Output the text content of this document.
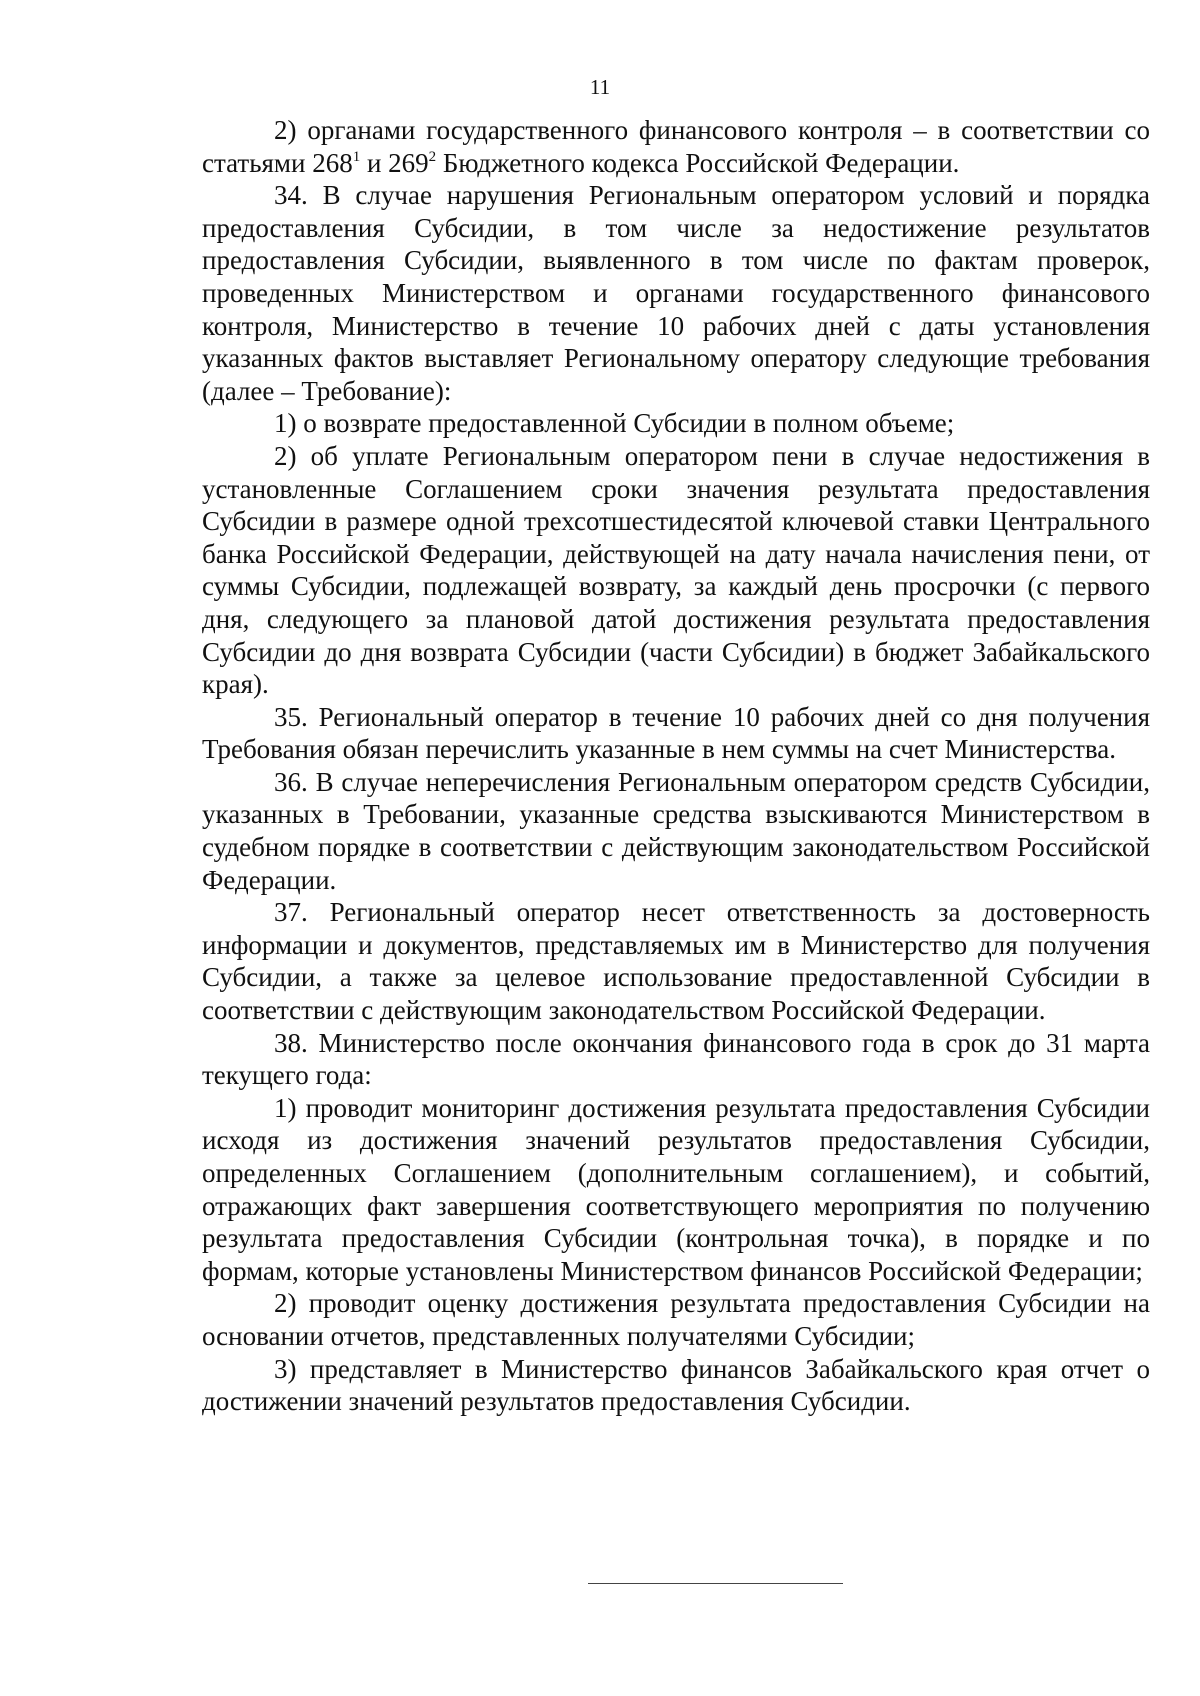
11

2) органами государственного финансового контроля – в соответствии со статьями $268^1$ и $269^2$ Бюджетного кодекса Российской Федерации.

34. В случае нарушения Региональным оператором условий и порядка предоставления Субсидии, в том числе за недостижение результатов предоставления Субсидии, выявленного в том числе по фактам проверок, проведенных Министерством и органами государственного финансового контроля, Министерство в течение 10 рабочих дней с даты установления указанных фактов выставляет Региональному оператору следующие требования (далее – Требование):

1) о возврате предоставленной Субсидии в полном объеме;

2) об уплате Региональным оператором пени в случае недостижения в установленные Соглашением сроки значения результата предоставления Субсидии в размере одной трехсотшестидесятой ключевой ставки Центрального банка Российской Федерации, действующей на дату начала начисления пени, от суммы Субсидии, подлежащей возврату, за каждый день просрочки (с первого дня, следующего за плановой датой достижения результата предоставления Субсидии до дня возврата Субсидии (части Субсидии) в бюджет Забайкальского края).

35. Региональный оператор в течение 10 рабочих дней со дня получения Требования обязан перечислить указанные в нем суммы на счет Министерства.

36. В случае неперечисления Региональным оператором средств Субсидии, указанных в Требовании, указанные средства взыскиваются Министерством в судебном порядке в соответствии с действующим законодательством Российской Федерации.

37. Региональный оператор несет ответственность за достоверность информации и документов, представляемых им в Министерство для получения Субсидии, а также за целевое использование предоставленной Субсидии в соответствии с действующим законодательством Российской Федерации.

38. Министерство после окончания финансового года в срок до 31 марта текущего года:

1) проводит мониторинг достижения результата предоставления Субсидии исходя из достижения значений результатов предоставления Субсидии, определенных Соглашением (дополнительным соглашением), и событий, отражающих факт завершения соответствующего мероприятия по получению результата предоставления Субсидии (контрольная точка), в порядке и по формам, которые установлены Министерством финансов Российской Федерации;

2) проводит оценку достижения результата предоставления Субсидии на основании отчетов, представленных получателями Субсидии;

3) представляет в Министерство финансов Забайкальского края отчет о достижении значений результатов предоставления Субсидии.
